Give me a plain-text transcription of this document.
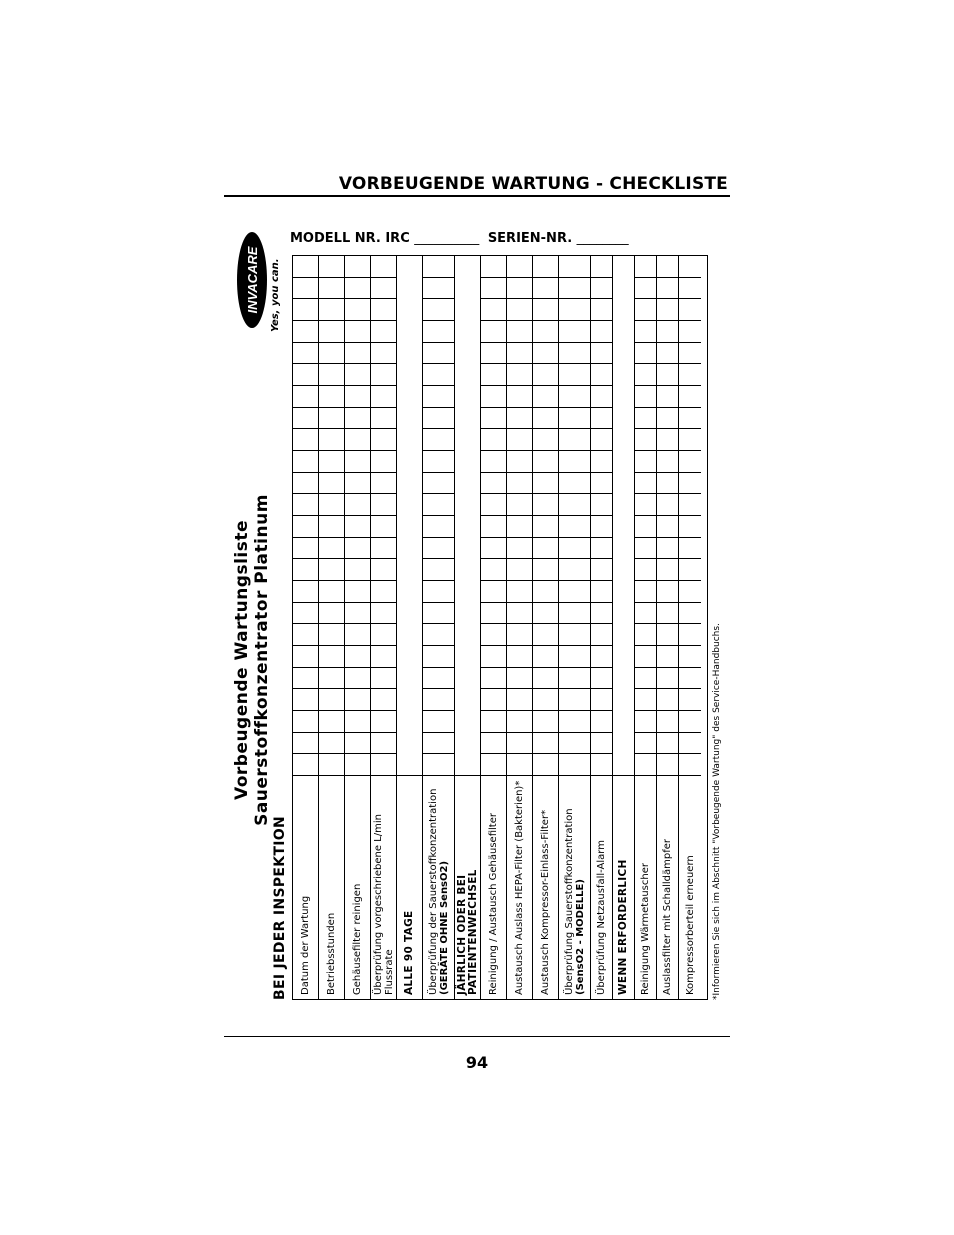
VORBEUGENDE WARTUNG - CHECKLISTE
INVACARE Yes, you can.
Vorbeugende Wartungsliste Sauerstoffkonzentrator Platinum
BEI JEDER INSPEKTION	*Informieren Sie sich im Abschnitt "Vorbeugende Wartung" des Service-Handbuchs.
Datum der Wartung Betriebsstunden Gehäusefilter reinigen Überprüfung vorgeschriebene L/min Flussrate ALLE 90 TAGE Überprüfung der Sauerstoffkonzentration (GERÄTE OHNE SensO2) JÄHRLICH ODER BEI PATIENTENWECHSEL Reinigung / Austausch Gehäusefilter Austausch Auslass HEPA-Filter (Bakterien)* Austausch Kompressor-Einlass-Filter* Überprüfung Sauerstoffkonzentration (SensO2 - MODELLE) Überprüfung Netzausfall-Alarm WENN ERFORDERLICH Reinigung Wärmetauscher Auslassfilter mit Schalldämpfer Kompressorberteil erneuern
MODELL NR. IRC __________ SERIEN-NR. ________
94
